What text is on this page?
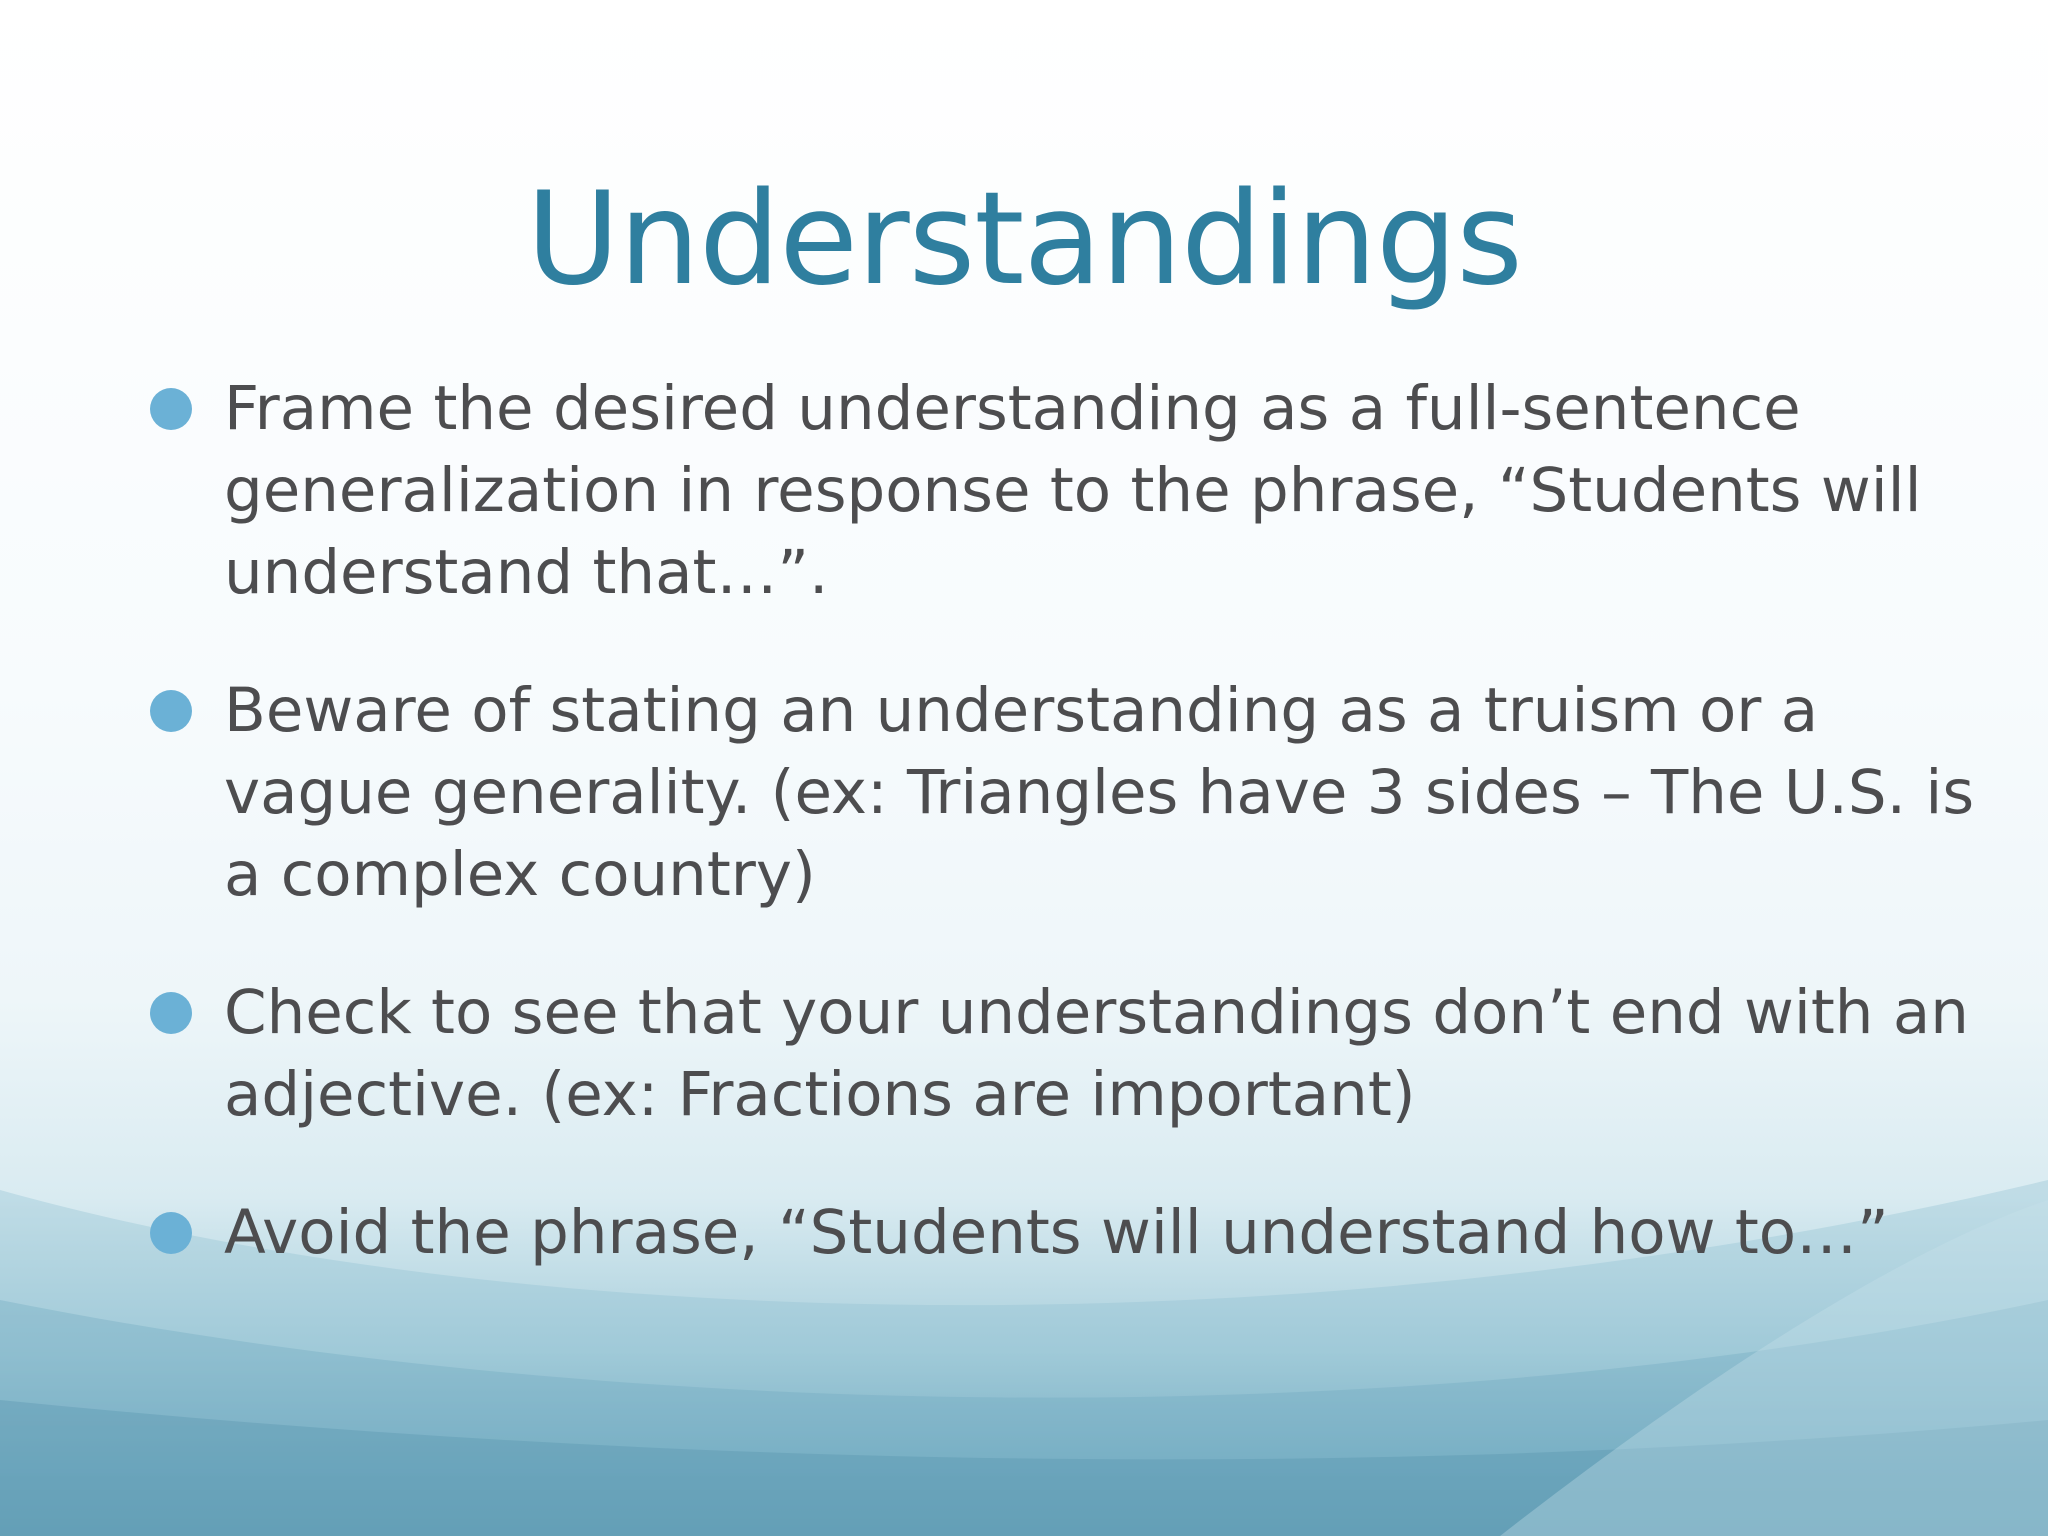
Understandings
Frame the desired understanding as a full-sentence generalization in response to the phrase, “Students will understand that…”.
Beware of stating an understanding as a truism or a vague generality. (ex: Triangles have 3 sides – The U.S. is a complex country)
Check to see that your understandings don’t end with an adjective. (ex: Fractions are important)
Avoid the phrase, “Students will understand how to…”
